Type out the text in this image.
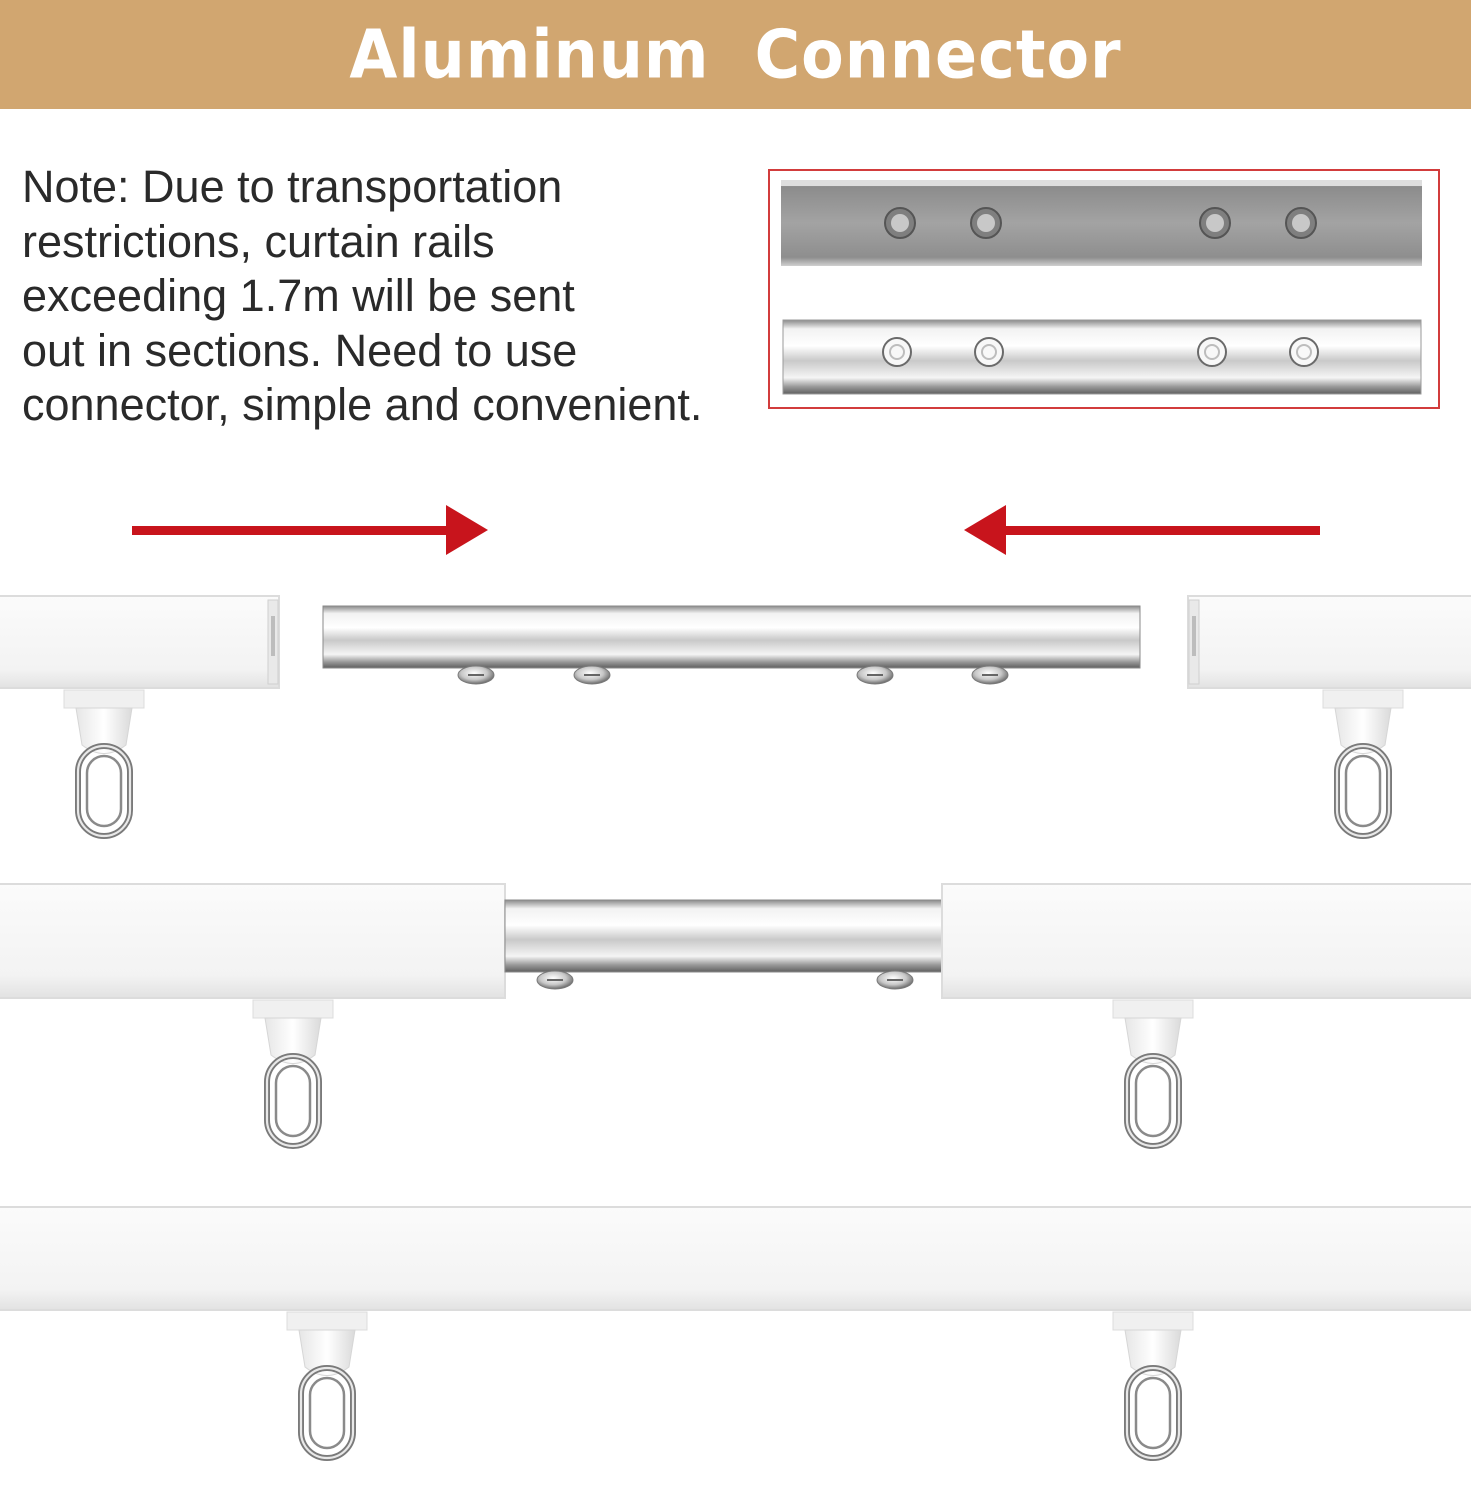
Aluminum  Connector

Note: Due to transportation
restrictions, curtain rails
exceeding 1.7m will be sent
out in sections. Need to use
connector, simple and convenient.
